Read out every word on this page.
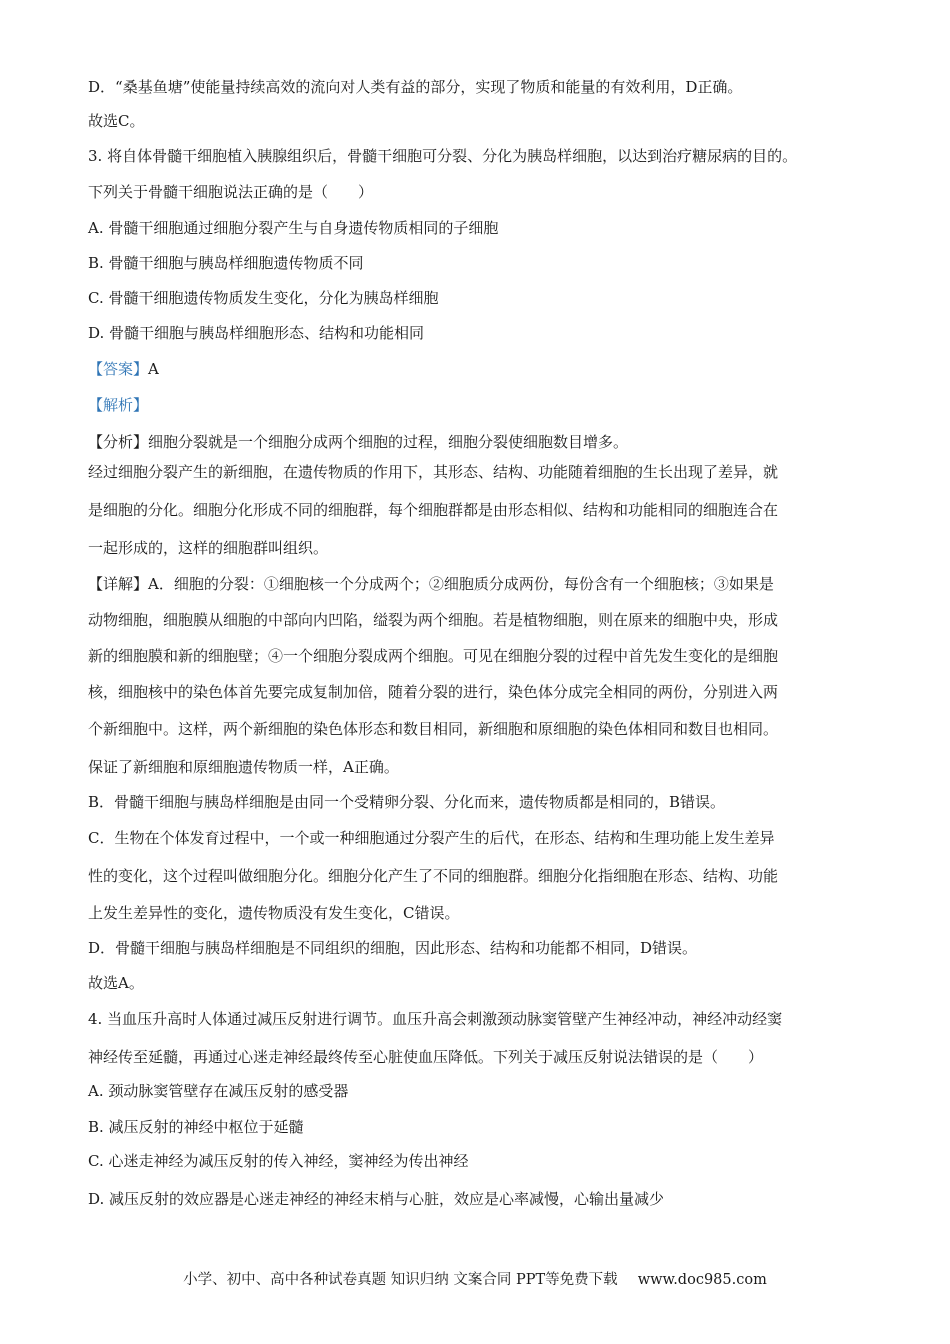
D．“桑基鱼塘”使能量持续高效的流向对人类有益的部分，实现了物质和能量的有效利用，D正确。
故选C。
3. 将自体骨髓干细胞植入胰腺组织后，骨髓干细胞可分裂、分化为胰岛样细胞，以达到治疗糖尿病的目的。
下列关于骨髓干细胞说法正确的是（　　）
A. 骨髓干细胞通过细胞分裂产生与自身遗传物质相同的子细胞
B. 骨髓干细胞与胰岛样细胞遗传物质不同
C. 骨髓干细胞遗传物质发生变化，分化为胰岛样细胞
D. 骨髓干细胞与胰岛样细胞形态、结构和功能相同
【答案】A
【解析】
【分析】细胞分裂就是一个细胞分成两个细胞的过程，细胞分裂使细胞数目增多。
经过细胞分裂产生的新细胞，在遗传物质的作用下，其形态、结构、功能随着细胞的生长出现了差异，就
是细胞的分化。细胞分化形成不同的细胞群，每个细胞群都是由形态相似、结构和功能相同的细胞连合在
一起形成的，这样的细胞群叫组织。
【详解】A．细胞的分裂：①细胞核一个分成两个；②细胞质分成两份，每份含有一个细胞核；③如果是
动物细胞，细胞膜从细胞的中部向内凹陷，缢裂为两个细胞。若是植物细胞，则在原来的细胞中央，形成
新的细胞膜和新的细胞壁；④一个细胞分裂成两个细胞。可见在细胞分裂的过程中首先发生变化的是细胞
核，细胞核中的染色体首先要完成复制加倍，随着分裂的进行，染色体分成完全相同的两份，分别进入两
个新细胞中。这样，两个新细胞的染色体形态和数目相同，新细胞和原细胞的染色体相同和数目也相同。
保证了新细胞和原细胞遗传物质一样，A正确。
B．骨髓干细胞与胰岛样细胞是由同一个受精卵分裂、分化而来，遗传物质都是相同的，B错误。
C．生物在个体发育过程中，一个或一种细胞通过分裂产生的后代，在形态、结构和生理功能上发生差异
性的变化，这个过程叫做细胞分化。细胞分化产生了不同的细胞群。细胞分化指细胞在形态、结构、功能
上发生差异性的变化，遗传物质没有发生变化，C错误。
D．骨髓干细胞与胰岛样细胞是不同组织的细胞，因此形态、结构和功能都不相同，D错误。
故选A。
4. 当血压升高时人体通过减压反射进行调节。血压升高会刺激颈动脉窦管壁产生神经冲动，神经冲动经窦
神经传至延髓，再通过心迷走神经最终传至心脏使血压降低。下列关于减压反射说法错误的是（　　）
A. 颈动脉窦管壁存在减压反射的感受器
B. 减压反射的神经中枢位于延髓
C. 心迷走神经为减压反射的传入神经，窦神经为传出神经
D. 减压反射的效应器是心迷走神经的神经末梢与心脏，效应是心率减慢，心输出量减少
小学、初中、高中各种试卷真题 知识归纳 文案合同 PPT等免费下载 www.doc985.com
